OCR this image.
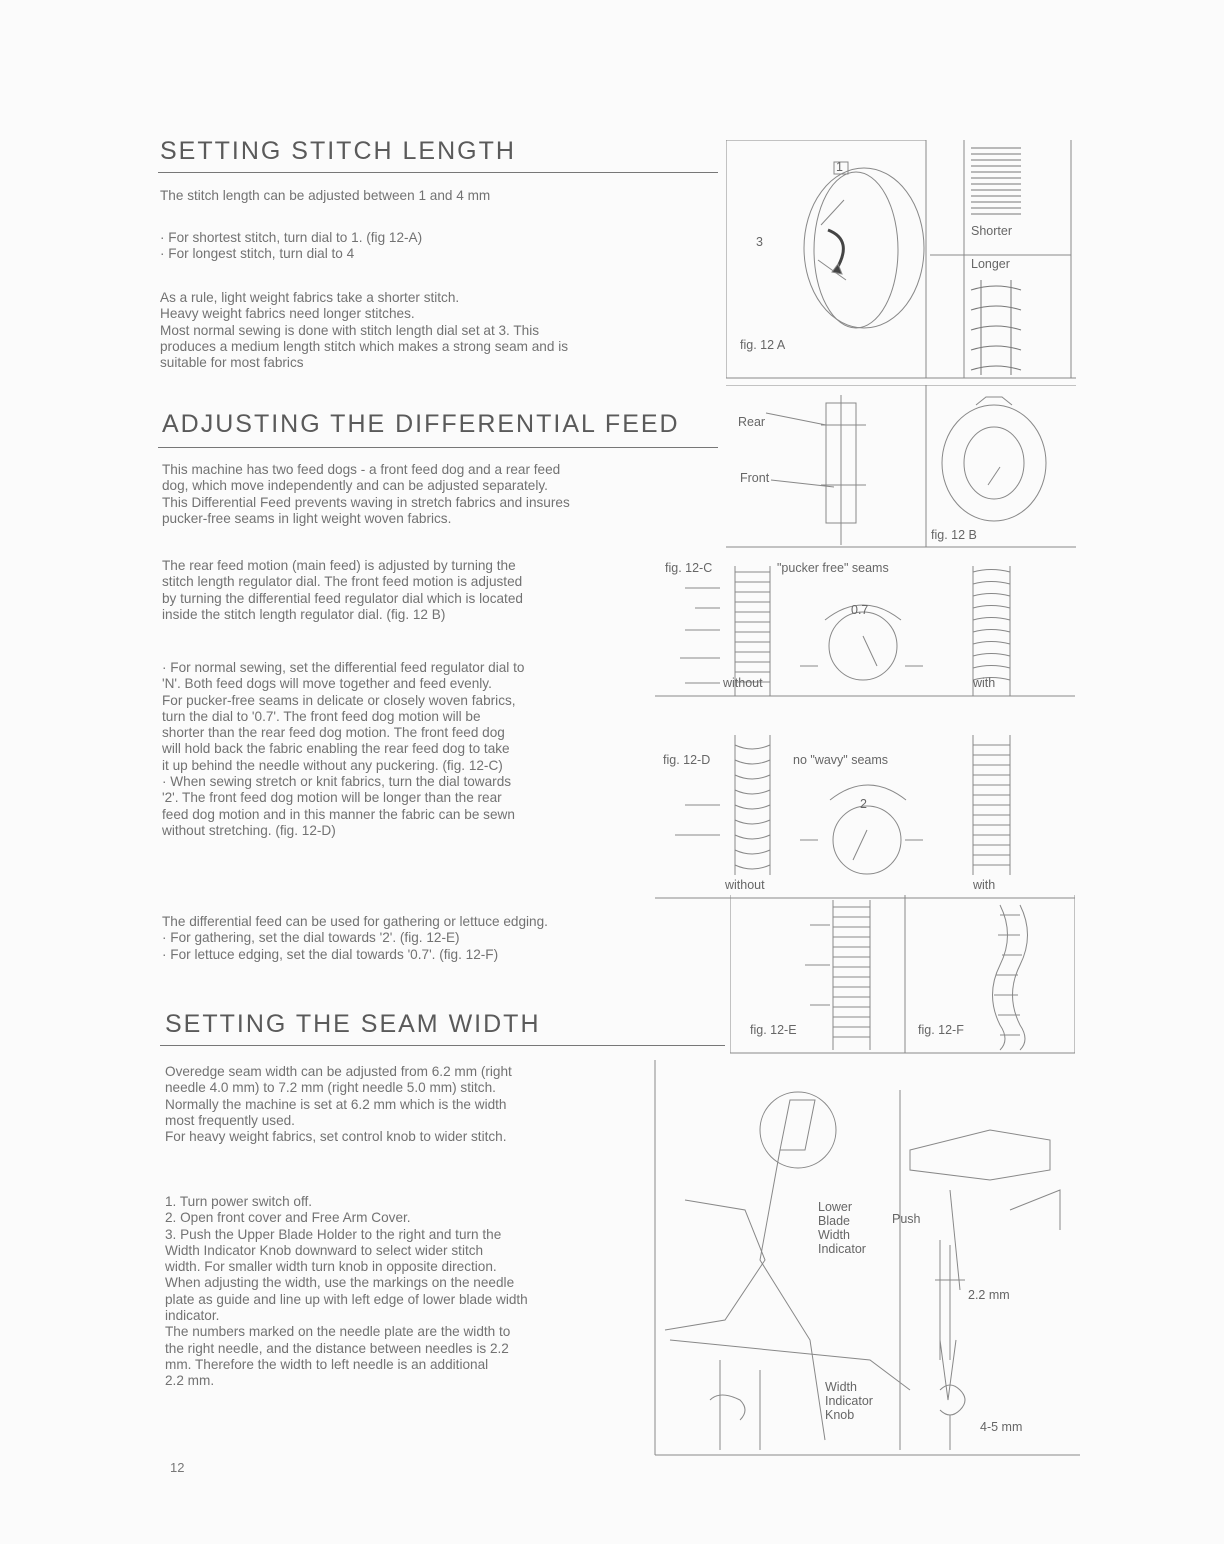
SETTING STITCH LENGTH

The stitch length can be adjusted between 1 and 4 mm

· For shortest stitch, turn dial to 1. (fig 12-A)
· For longest stitch, turn dial to 4

As a rule, light weight fabrics take a shorter stitch.
Heavy weight fabrics need longer stitches.
Most normal sewing is done with stitch length dial set at 3. This
produces a medium length stitch which makes a strong seam and is
suitable for most fabrics

ADJUSTING THE DIFFERENTIAL FEED

This machine has two feed dogs - a front feed dog and a rear feed
dog, which move independently and can be adjusted separately.
This Differential Feed prevents waving in stretch fabrics and insures
pucker-free seams in light weight woven fabrics.

The rear feed motion (main feed) is adjusted by turning the
stitch length regulator dial. The front feed motion is adjusted
by turning the differential feed regulator dial which is located
inside the stitch length regulator dial. (fig. 12 B)

· For normal sewing, set the differential feed regulator dial to
'N'. Both feed dogs will move together and feed evenly.
For pucker-free seams in delicate or closely woven fabrics,
turn the dial to '0.7'. The front feed dog motion will be
shorter than the rear feed dog motion. The front feed dog
will hold back the fabric enabling the rear feed dog to take
it up behind the needle without any puckering. (fig. 12-C)
· When sewing stretch or knit fabrics, turn the dial towards
'2'. The front feed dog motion will be longer than the rear
feed dog motion and in this manner the fabric can be sewn
without stretching. (fig. 12-D)

The differential feed can be used for gathering or lettuce edging.
· For gathering, set the dial towards '2'. (fig. 12-E)
· For lettuce edging, set the dial towards '0.7'. (fig. 12-F)

SETTING THE SEAM WIDTH

Overedge seam width can be adjusted from 6.2 mm (right
needle 4.0 mm) to 7.2 mm (right needle 5.0 mm) stitch.
Normally the machine is set at 6.2 mm which is the width
most frequently used.
For heavy weight fabrics, set control knob to wider stitch.

1. Turn power switch off.
2. Open front cover and Free Arm Cover.
3. Push the Upper Blade Holder to the right and turn the
Width Indicator Knob downward to select wider stitch
width. For smaller width turn knob in opposite direction.
When adjusting the width, use the markings on the needle
plate as guide and line up with left edge of lower blade width
indicator.
The numbers marked on the needle plate are the width to
the right needle, and the distance between needles is 2.2
mm. Therefore the width to left needle is an additional
2.2 mm.

12
1
3
Shorter
Longer
fig. 12 A
Rear
Front
fig. 12 B
fig. 12-C	"pucker free" seams
0.7
without	with
fig. 12-D	no "wavy" seams
2
without	with
fig. 12-E	fig. 12-F
Lower
Blade
Width
Indicator
Push
Width
Indicator
Knob
2.2 mm
4-5 mm
